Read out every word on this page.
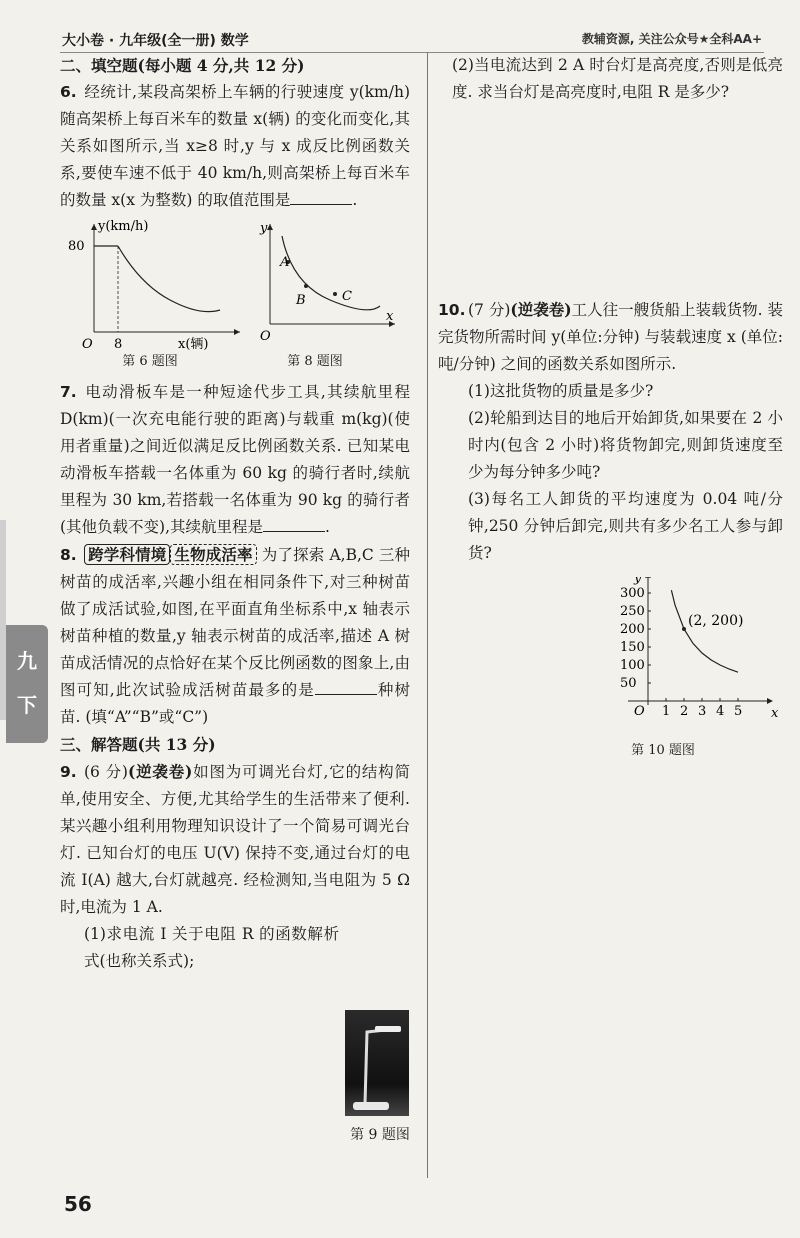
大小卷 · 九年级(全一册) 数学	教辅资源, 关注公众号★全科AA+
九
下

二、填空题(每小题 4 分,共 12 分)

6. 经统计,某段高架桥上车辆的行驶速度 y(km/h) 随高架桥上每百米车的数量 x(辆) 的变化而变化,其关系如图所示,当 x≥8 时,y 与 x 成反比例函数关系,要使车速不低于 40 km/h,则高架桥上每百米车的数量 x(x 为整数) 的取值范围是	.

80
8
O
y(km/h)
x(辆)
A
B	C
y
x
O
第 6 题图	第 8 题图

7. 电动滑板车是一种短途代步工具,其续航里程 D(km)(一次充电能行驶的距离)与载重 m(kg)(使用者重量)之间近似满足反比例函数关系. 已知某电动滑板车搭载一名体重为 60 kg 的骑行者时,续航里程为 30 km,若搭载一名体重为 90 kg 的骑行者(其他负载不变),其续航里程是	.

8. 跨学科情境 生物成活率 为了探索 A,B,C 三种树苗的成活率,兴趣小组在相同条件下,对三种树苗做了成活试验,如图,在平面直角坐标系中,x 轴表示树苗种植的数量,y 轴表示树苗的成活率,描述 A 树苗成活情况的点恰好在某个反比例函数的图象上,由图可知,此次试验成活树苗最多的是	种树苗. (填“A”“B”或“C”)

三、解答题(共 13 分)

9. (6 分)(逆袭卷)如图为可调光台灯,它的结构简单,使用安全、方便,尤其给学生的生活带来了便利. 某兴趣小组利用物理知识设计了一个简易可调光台灯. 已知台灯的电压 U(V) 保持不变,通过台灯的电流 I(A) 越大,台灯就越亮. 经检测知,当电阻为 5 Ω 时,电流为 1 A.

(1)求电流 I 关于电阻 R 的函数解析式(也称关系式);

第 9 题图
56

(2)当电流达到 2 A 时台灯是高亮度,否则是低亮度. 求当台灯是高亮度时,电阻 R 是多少?

10. (7 分)(逆袭卷)工人往一艘货船上装载货物. 装完货物所需时间 y(单位:分钟) 与装载速度 x (单位:吨/分钟) 之间的函数关系如图所示.

(1)这批货物的质量是多少?

(2)轮船到达目的地后开始卸货,如果要在 2 小时内(包含 2 小时)将货物卸完,则卸货速度至少为每分钟多少吨?

(3)每名工人卸货的平均速度为 0.04 吨/分钟,250 分钟后卸完,则共有多少名工人参与卸货?

1 2 3 4 5
50
100
150
200
250
300
(2, 200)
y
x
O
第 10 题图
